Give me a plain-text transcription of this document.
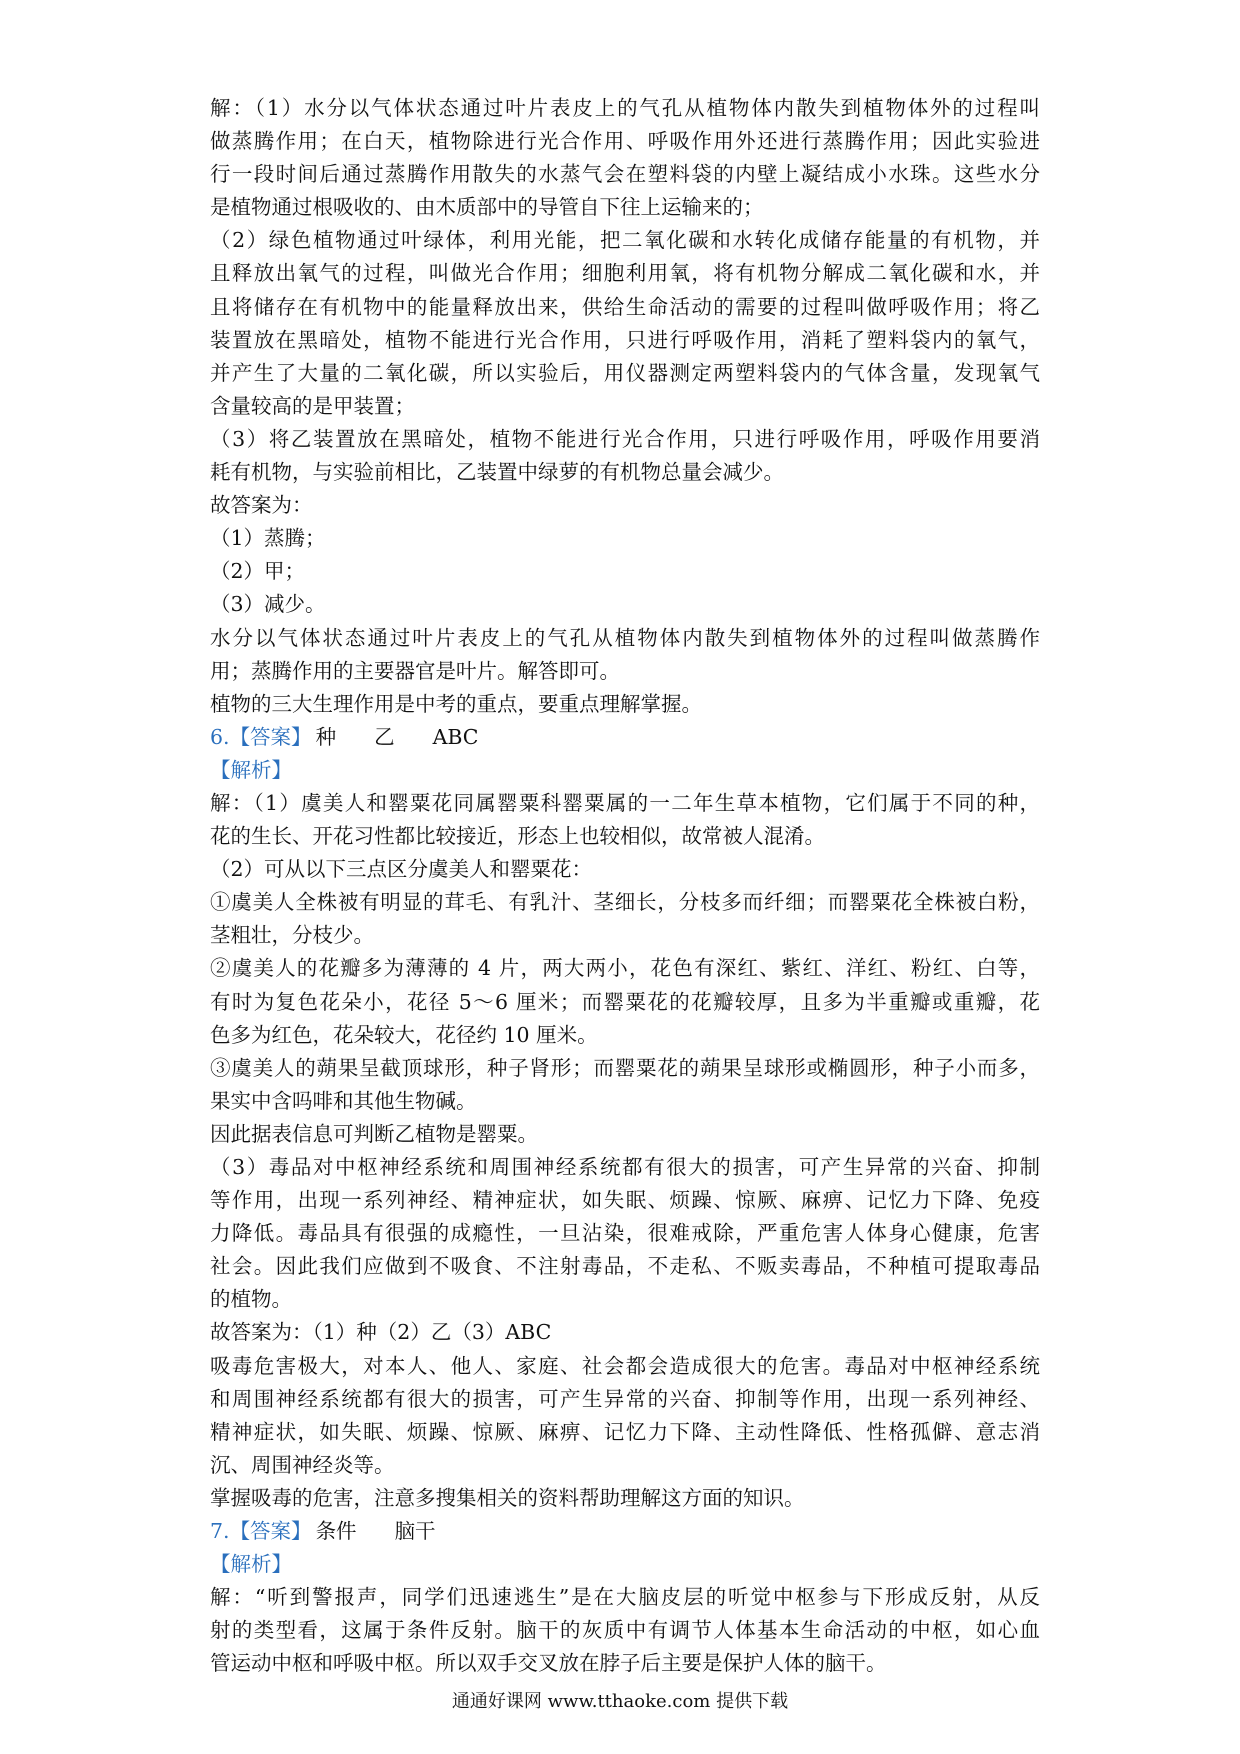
解：（1）水分以气体状态通过叶片表皮上的气孔从植物体内散失到植物体外的过程叫
做蒸腾作用；在白天，植物除进行光合作用、呼吸作用外还进行蒸腾作用；因此实验进
行一段时间后通过蒸腾作用散失的水蒸气会在塑料袋的内壁上凝结成小水珠。这些水分
是植物通过根吸收的、由木质部中的导管自下往上运输来的；
（2）绿色植物通过叶绿体，利用光能，把二氧化碳和水转化成储存能量的有机物，并
且释放出氧气的过程，叫做光合作用；细胞利用氧，将有机物分解成二氧化碳和水，并
且将储存在有机物中的能量释放出来，供给生命活动的需要的过程叫做呼吸作用；将乙
装置放在黑暗处，植物不能进行光合作用，只进行呼吸作用，消耗了塑料袋内的氧气，
并产生了大量的二氧化碳，所以实验后，用仪器测定两塑料袋内的气体含量，发现氧气
含量较高的是甲装置；
（3）将乙装置放在黑暗处，植物不能进行光合作用，只进行呼吸作用，呼吸作用要消
耗有机物，与实验前相比，乙装置中绿萝的有机物总量会减少。
故答案为：
（1）蒸腾；
（2）甲；
（3）减少。
水分以气体状态通过叶片表皮上的气孔从植物体内散失到植物体外的过程叫做蒸腾作
用；蒸腾作用的主要器官是叶片。解答即可。
植物的三大生理作用是中考的重点，要重点理解掌握。
6.【答案】 种 乙 ABC
【解析】
解：（1）虞美人和罂粟花同属罂粟科罂粟属的一二年生草本植物，它们属于不同的种，
花的生长、开花习性都比较接近，形态上也较相似，故常被人混淆。
（2）可从以下三点区分虞美人和罂粟花：
①虞美人全株被有明显的茸毛、有乳汁、茎细长，分枝多而纤细；而罂粟花全株被白粉，
茎粗壮，分枝少。
②虞美人的花瓣多为薄薄的 4 片，两大两小，花色有深红、紫红、洋红、粉红、白等，
有时为复色花朵小，花径 5～6 厘米；而罂粟花的花瓣较厚，且多为半重瓣或重瓣，花
色多为红色，花朵较大，花径约 10 厘米。
③虞美人的蒴果呈截顶球形，种子肾形；而罂粟花的蒴果呈球形或椭圆形，种子小而多，
果实中含吗啡和其他生物碱。
因此据表信息可判断乙植物是罂粟。
（3）毒品对中枢神经系统和周围神经系统都有很大的损害，可产生异常的兴奋、抑制
等作用，出现一系列神经、精神症状，如失眠、烦躁、惊厥、麻痹、记忆力下降、免疫
力降低。毒品具有很强的成瘾性，一旦沾染，很难戒除，严重危害人体身心健康，危害
社会。因此我们应做到不吸食、不注射毒品，不走私、不贩卖毒品，不种植可提取毒品
的植物。
故答案为：（1）种（2）乙（3）ABC
吸毒危害极大，对本人、他人、家庭、社会都会造成很大的危害。毒品对中枢神经系统
和周围神经系统都有很大的损害，可产生异常的兴奋、抑制等作用，出现一系列神经、
精神症状，如失眠、烦躁、惊厥、麻痹、记忆力下降、主动性降低、性格孤僻、意志消
沉、周围神经炎等。
掌握吸毒的危害，注意多搜集相关的资料帮助理解这方面的知识。
7.【答案】 条件 脑干
【解析】
解：“听到警报声，同学们迅速逃生”是在大脑皮层的听觉中枢参与下形成反射，从反
射的类型看，这属于条件反射。脑干的灰质中有调节人体基本生命活动的中枢，如心血
管运动中枢和呼吸中枢。所以双手交叉放在脖子后主要是保护人体的脑干。
通通好课网 www.tthaoke.com 提供下载
